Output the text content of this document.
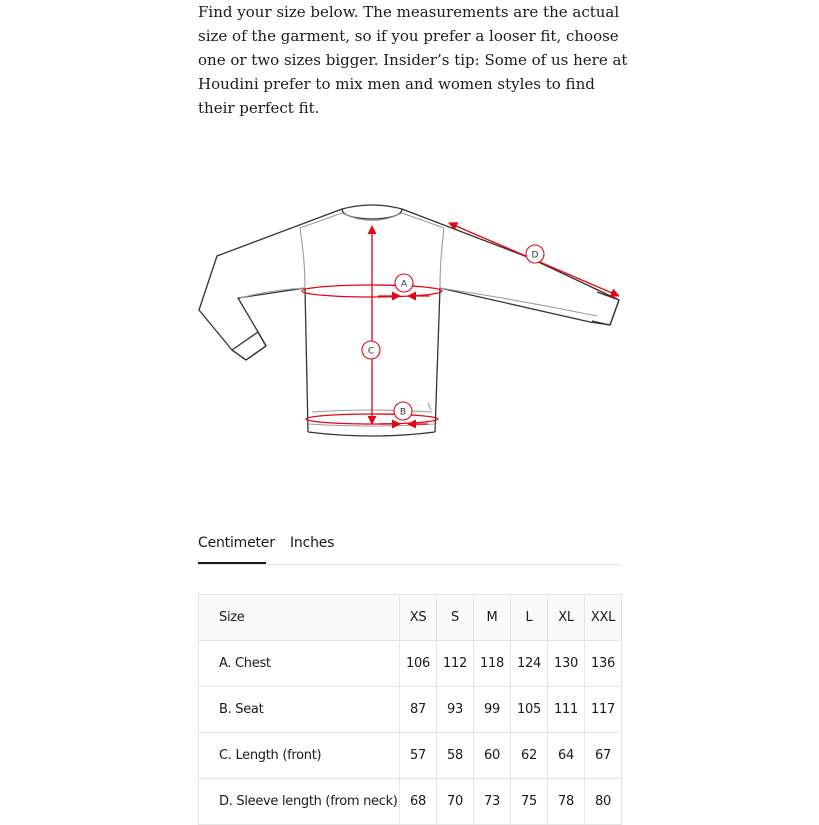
Find your size below. The measurements are the actual size of the garment, so if you prefer a looser fit, choose one or two sizes bigger. Insider’s tip: Some of us here at Houdini prefer to mix men and women styles to find their perfect fit.

A
B
C
D
Centimeter Inches
Size	XS	S	M	L	XL	XXL
A. Chest	106	112	118	124	130	136
B. Seat	87	93	99	105	111	117
C. Length (front)	57	58	60	62	64	67
D. Sleeve length (from neck)	68	70	73	75	78	80
